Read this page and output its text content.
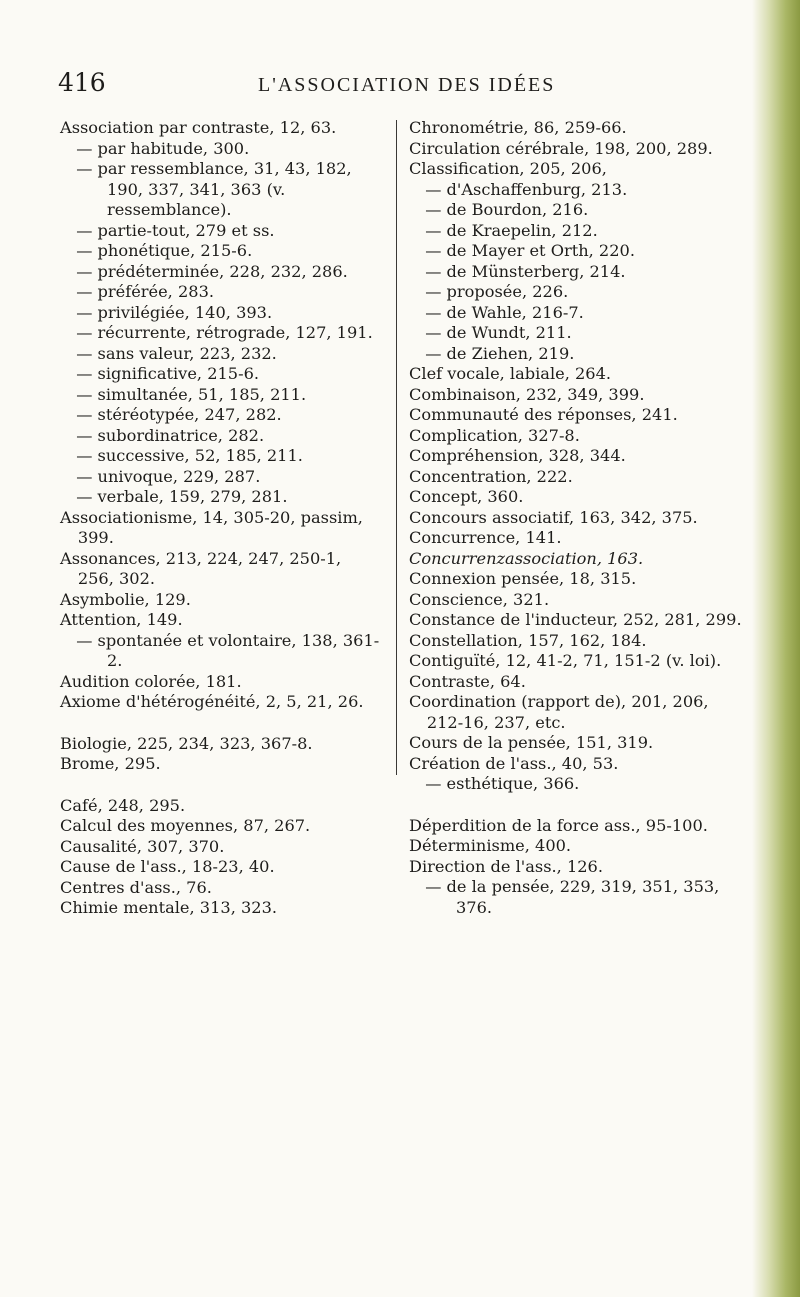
416	L'ASSOCIATION DES IDÉES
Association par contraste, 12, 63.
— par habitude, 300.
— par ressemblance, 31, 43, 182, 190, 337, 341, 363 (v. ressemblance).
— partie-tout, 279 et ss.
— phonétique, 215-6.
— prédéterminée, 228, 232, 286.
— préférée, 283.
— privilégiée, 140, 393.
— récurrente, rétrograde, 127, 191.
— sans valeur, 223, 232.
— significative, 215-6.
— simultanée, 51, 185, 211.
— stéréotypée, 247, 282.
— subordinatrice, 282.
— successive, 52, 185, 211.
— univoque, 229, 287.
— verbale, 159, 279, 281.
Associationisme, 14, 305-20, passim, 399.
Assonances, 213, 224, 247, 250-1, 256, 302.
Asymbolie, 129.
Attention, 149.
— spontanée et volontaire, 138, 361-2.
Audition colorée, 181.
Axiome d'hétérogénéité, 2, 5, 21, 26.
Biologie, 225, 234, 323, 367-8.
Brome, 295.
Café, 248, 295.
Calcul des moyennes, 87, 267.
Causalité, 307, 370.
Cause de l'ass., 18-23, 40.
Centres d'ass., 76.
Chimie mentale, 313, 323.
Chronométrie, 86, 259-66.
Circulation cérébrale, 198, 200, 289.
Classification, 205, 206,
— d'Aschaffenburg, 213.
— de Bourdon, 216.
— de Kraepelin, 212.
— de Mayer et Orth, 220.
— de Münsterberg, 214.
— proposée, 226.
— de Wahle, 216-7.
— de Wundt, 211.
— de Ziehen, 219.
Clef vocale, labiale, 264.
Combinaison, 232, 349, 399.
Communauté des réponses, 241.
Complication, 327-8.
Compréhension, 328, 344.
Concentration, 222.
Concept, 360.
Concours associatif, 163, 342, 375.
Concurrence, 141.
Concurrenzassociation, 163.
Connexion pensée, 18, 315.
Conscience, 321.
Constance de l'inducteur, 252, 281, 299.
Constellation, 157, 162, 184.
Contiguïté, 12, 41-2, 71, 151-2 (v. loi).
Contraste, 64.
Coordination (rapport de), 201, 206, 212-16, 237, etc.
Cours de la pensée, 151, 319.
Création de l'ass., 40, 53.
— esthétique, 366.
Déperdition de la force ass., 95-100.
Déterminisme, 400.
Direction de l'ass., 126.
— de la pensée, 229, 319, 351, 353, 376.
